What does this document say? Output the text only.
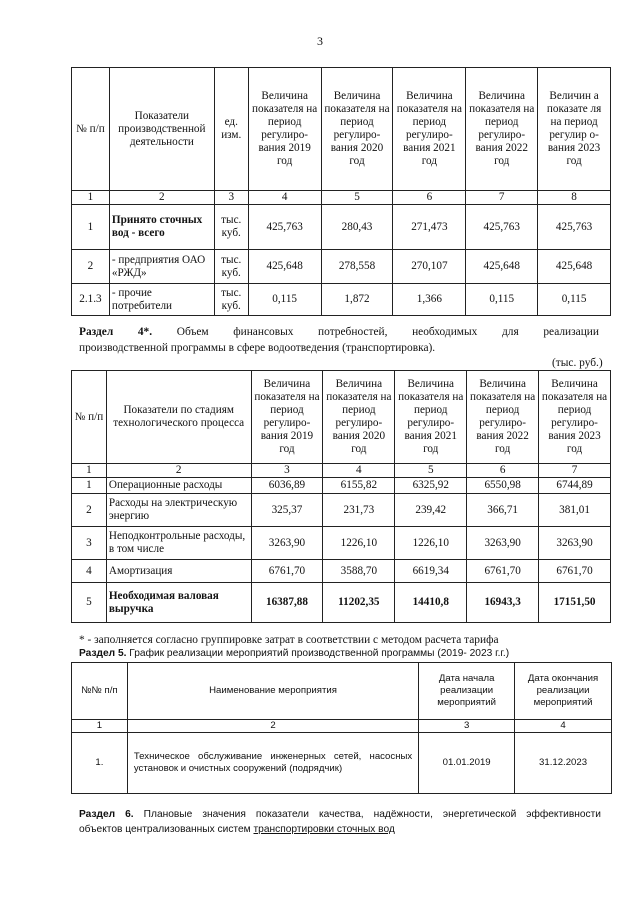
3
№ п/п	Показатели производственной деятельности	ед. изм.	Величина показателя на период регулиро-вания 2019 год	Величина показателя на период регулиро-вания 2020 год	Величина показателя на период регулиро-вания 2021 год	Величина показателя на период регулиро-вания 2022 год	Величин а показате ля на период регулир о-вания 2023 год
1	2	3	4	5	6	7	8
1	Принято сточных вод - всего	тыс. куб.	425,763	280,43	271,473	425,763	425,763
2	- предприятия ОАО «РЖД»	тыс. куб.	425,648	278,558	270,107	425,648	425,648
2.1.3	- прочие потребители	тыс. куб.	0,115	1,872	1,366	0,115	0,115
Раздел 4*. Объем финансовых потребностей, необходимых для реализации
производственной программы в сфере водоотведения (транспортировка).
(тыс. руб.)
№ п/п	Показатели по стадиям технологического процесса	Величина показателя на период регулиро-вания 2019 год	Величина показателя на период регулиро-вания 2020 год	Величина показателя на период регулиро-вания 2021 год	Величина показателя на период регулиро-вания 2022 год	Величина показателя на период регулиро-вания 2023 год
1	2	3	4	5	6	7
1	Операционные расходы	6036,89	6155,82	6325,92	6550,98	6744,89
2	Расходы на электрическую энергию	325,37	231,73	239,42	366,71	381,01
3	Неподконтрольные расходы, в том числе	3263,90	1226,10	1226,10	3263,90	3263,90
4	Амортизация	6761,70	3588,70	6619,34	6761,70	6761,70
5	Необходимая валовая выручка	16387,88	11202,35	14410,8	16943,3	17151,50
* - заполняется согласно группировке затрат в соответствии с методом расчета тарифа
Раздел 5. График реализации мероприятий производственной программы (2019- 2023 г.г.)
№№ п/п	Наименование мероприятия	Дата начала реализации мероприятий	Дата окончания реализации мероприятий
1	2	3	4
1.	Техническое обслуживание инженерных сетей, насосных установок и очистных сооружений (подрядчик)	01.01.2019	31.12.2023
Раздел 6. Плановые значения показатели качества, надёжности, энергетической эффективности
объектов централизованных систем транспортировки сточных вод
